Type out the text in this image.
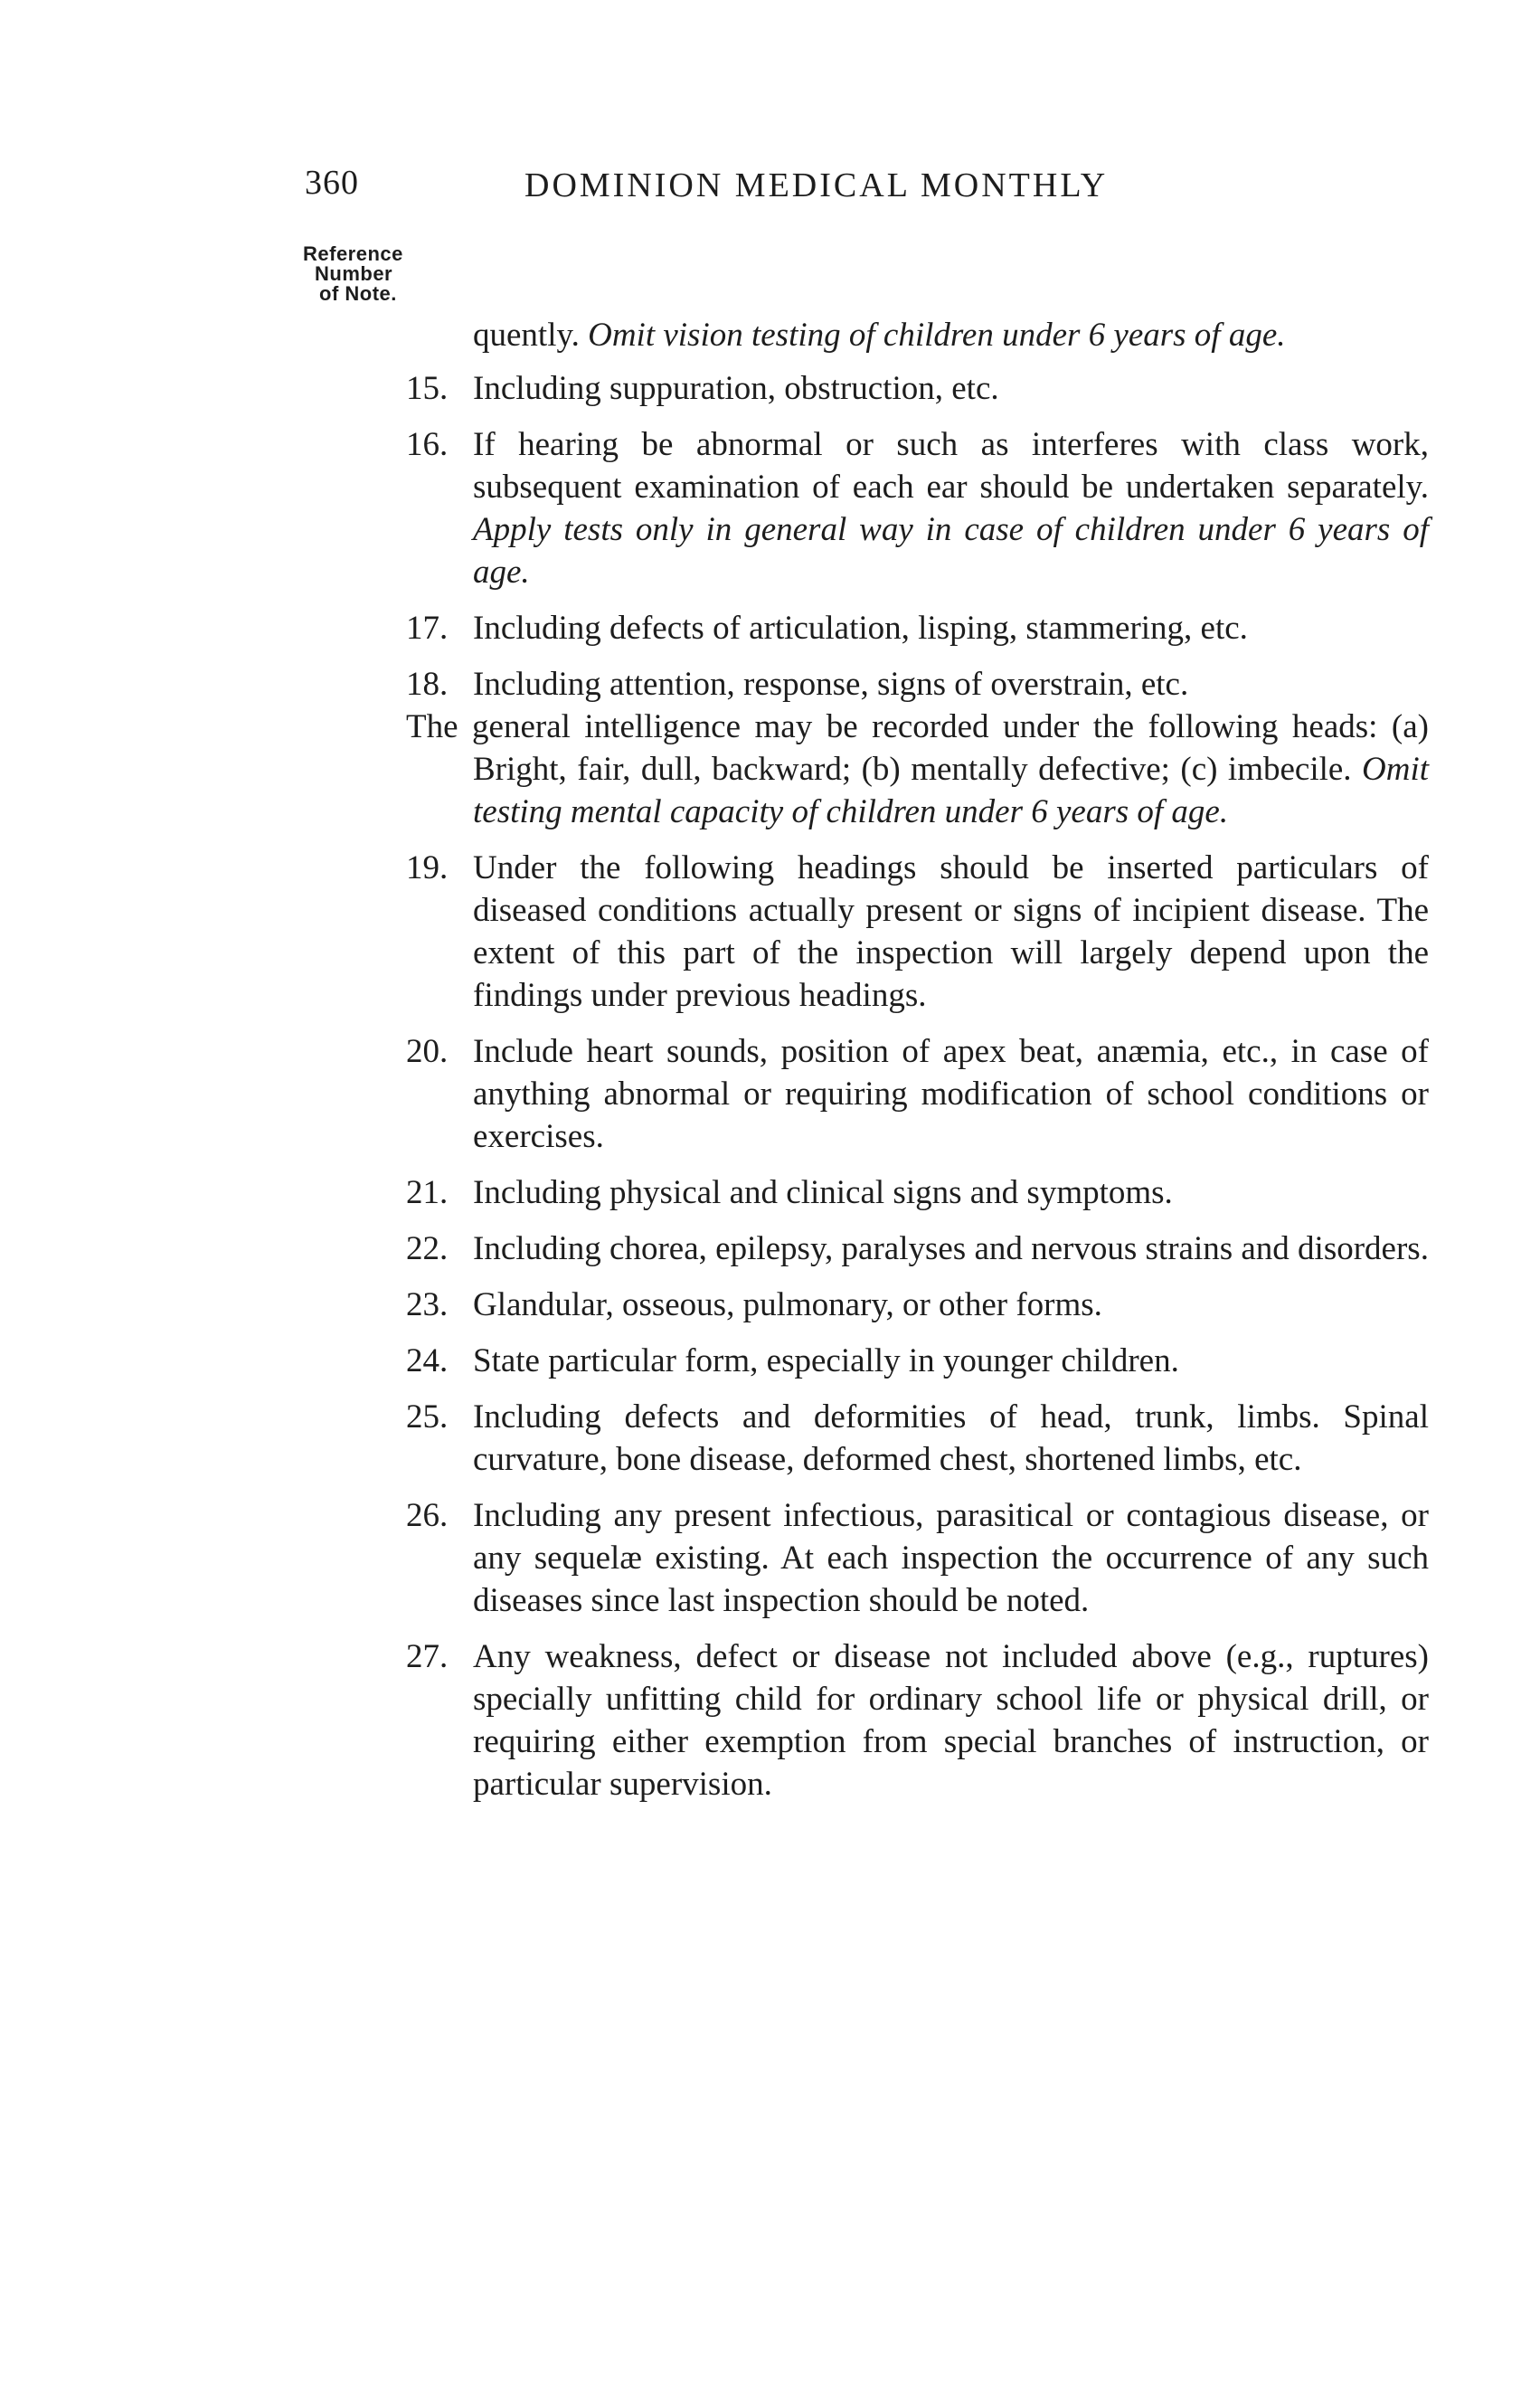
360	DOMINION MEDICAL MONTHLY
Reference
Number
of Note.
quently. Omit vision testing of children under 6 years of age.
15. Including suppuration, obstruction, etc.
16. If hearing be abnormal or such as interferes with class work, subsequent examination of each ear should be undertaken separately. Apply tests only in general way in case of children under 6 years of age.
17. Including defects of articulation, lisping, stammering, etc.
18. Including attention, response, signs of overstrain, etc.
The general intelligence may be recorded under the following heads: (a) Bright, fair, dull, backward; (b) mentally defective; (c) imbecile. Omit testing mental capacity of children under 6 years of age.
19. Under the following headings should be inserted particulars of diseased conditions actually present or signs of incipient disease. The extent of this part of the inspection will largely depend upon the findings under previous headings.
20. Include heart sounds, position of apex beat, anæmia, etc., in case of anything abnormal or requiring modification of school conditions or exercises.
21. Including physical and clinical signs and symptoms.
22. Including chorea, epilepsy, paralyses and nervous strains and disorders.
23. Glandular, osseous, pulmonary, or other forms.
24. State particular form, especially in younger children.
25. Including defects and deformities of head, trunk, limbs. Spinal curvature, bone disease, deformed chest, shortened limbs, etc.
26. Including any present infectious, parasitical or contagious disease, or any sequelæ existing. At each inspection the occurrence of any such diseases since last inspection should be noted.
27. Any weakness, defect or disease not included above (e.g., ruptures) specially unfitting child for ordinary school life or physical drill, or requiring either exemption from special branches of instruction, or particular supervision.
